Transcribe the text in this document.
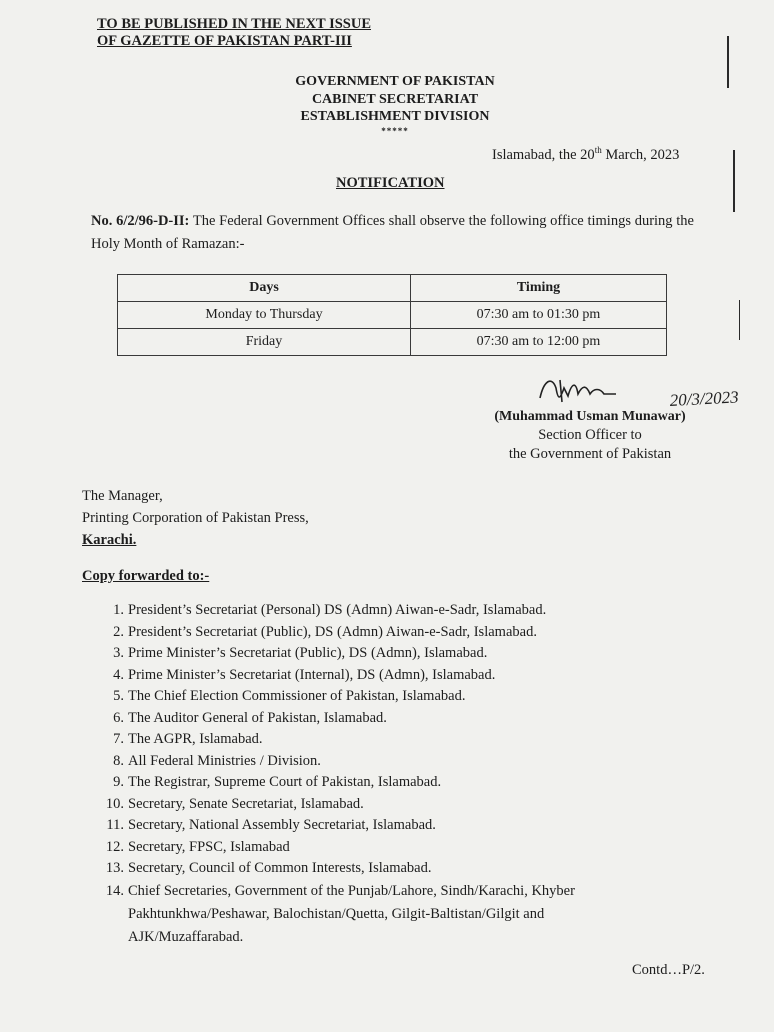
TO BE PUBLISHED IN THE NEXT ISSUE
OF GAZETTE OF PAKISTAN PART-III
GOVERNMENT OF PAKISTAN
CABINET SECRETARIAT
ESTABLISHMENT DIVISION
*****
Islamabad, the 20th March, 2023
NOTIFICATION
No. 6/2/96-D-II: The Federal Government Offices shall observe the following office timings during the Holy Month of Ramazan:-
Days	Timing
Monday to Thursday	07:30 am to 01:30 pm
Friday	07:30 am to 12:00 pm
20/3/2023
(Muhammad Usman Munawar)
Section Officer to
the Government of Pakistan
The Manager,
Printing Corporation of Pakistan Press,
Karachi.
Copy forwarded to:-
1. President’s Secretariat (Personal) DS (Admn) Aiwan-e-Sadr, Islamabad.
2. President’s Secretariat (Public), DS (Admn) Aiwan-e-Sadr, Islamabad.
3. Prime Minister’s Secretariat (Public), DS (Admn), Islamabad.
4. Prime Minister’s Secretariat (Internal), DS (Admn), Islamabad.
5. The Chief Election Commissioner of Pakistan, Islamabad.
6. The Auditor General of Pakistan, Islamabad.
7. The AGPR, Islamabad.
8. All Federal Ministries / Division.
9. The Registrar, Supreme Court of Pakistan, Islamabad.
10. Secretary, Senate Secretariat, Islamabad.
11. Secretary, National Assembly Secretariat, Islamabad.
12. Secretary, FPSC, Islamabad
13. Secretary, Council of Common Interests, Islamabad.
14. Chief Secretaries, Government of the Punjab/Lahore, Sindh/Karachi, Khyber Pakhtunkhwa/Peshawar, Balochistan/Quetta, Gilgit-Baltistan/Gilgit and AJK/Muzaffarabad.
Contd…P/2.
